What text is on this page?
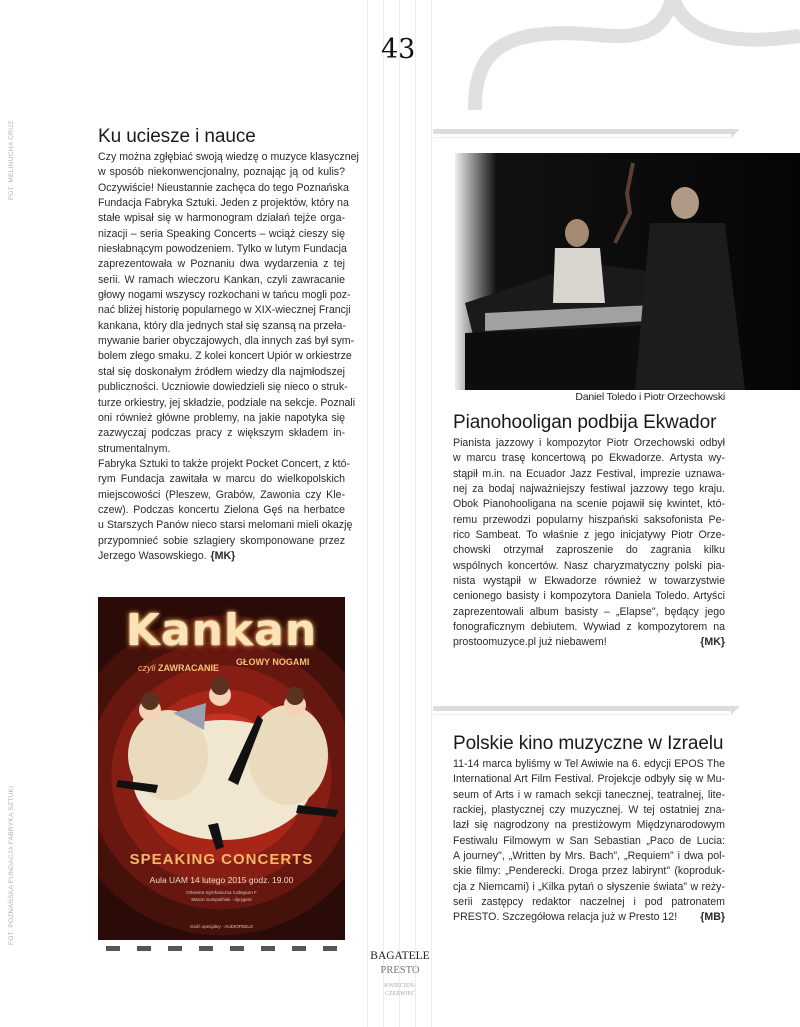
43
FOT. MELINUCHA CRUZ
FOT. POZNAŃSKA FUNDACJA FABRYKA SZTUKI
Ku uciesze i nauce
Czy można zgłębiać swoją wiedzę o muzyce klasycznej
w sposób niekonwencjonalny, poznając ją od kulis?
Oczywiście! Nieustannie zachęca do tego Poznańska
Fundacja Fabryka Sztuki. Jeden z projektów, który na
stałe wpisał się w harmonogram działań tejże orga-
nizacji – seria Speaking Concerts – wciąż cieszy się
niesłabnącym powodzeniem. Tylko w lutym Fundacja
zaprezentowała w Poznaniu dwa wydarzenia z tej
serii. W ramach wieczoru Kankan, czyli zawracanie
głowy nogami wszyscy rozkochani w tańcu mogli poz-
nać bliżej historię popularnego w XIX-wiecznej Francji
kankana, który dla jednych stał się szansą na przeła-
mywanie barier obyczajowych, dla innych zaś był sym-
bolem złego smaku. Z kolei koncert Upiór w orkiestrze
stał się doskonałym źródłem wiedzy dla najmłodszej
publiczności. Uczniowie dowiedzieli się nieco o struk-
turze orkiestry, jej składzie, podziale na sekcje. Poznali
oni również główne problemy, na jakie napotyka się
zazwyczaj podczas pracy z większym składem in-
strumentalnym.
Fabryka Sztuki to także projekt Pocket Concert, z któ-
rym Fundacja zawitała w marcu do wielkopolskich
miejscowości (Pleszew, Grabów, Zawonia czy Kle-
czew). Podczas koncertu Zielona Gęś na herbatce
u Starszych Panów nieco starsi melomani mieli okazję
przypomnieć sobie szlagiery skomponowane przez
Jerzego Wasowskiego. {MK}
Kankan
czyli ZAWRACANIE
GŁOWY NOGAMI
SPEAKING CONCERTS
Aula UAM 14 lutego 2015 godz. 19.00
Orkiestra Symfoniczna Collegium F
Marcin Sompoliński - dyrygent
Gość specjalny - AUDIOFEELS
Daniel Toledo i Piotr Orzechowski
Pianohooligan podbija Ekwador
Pianista jazzowy i kompozytor Piotr Orzechowski odbył
w marcu trasę koncertową po Ekwadorze. Artysta wy-
stąpił m.in. na Ecuador Jazz Festival, imprezie uznawa-
nej za bodaj najważniejszy festiwal jazzowy tego kraju.
Obok Pianohooligana na scenie pojawił się kwintet, któ-
remu przewodzi popularny hiszpański saksofonista Pe-
rico Sambeat. To właśnie z jego inicjatywy Piotr Orze-
chowski otrzymał zaproszenie do zagrania kilku
wspólnych koncertów. Nasz charyzmatyczny polski pia-
nista wystąpił w Ekwadorze również w towarzystwie
cenionego basisty i kompozytora Daniela Toledo. Artyści
zaprezentowali album basisty – „Elapse", będący jego
fonograficznym debiutem. Wywiad z kompozytorem na
prostoomuzyce.pl już niebawem!	{MK}
Polskie kino muzyczne w Izraelu
11-14 marca byliśmy w Tel Awiwie na 6. edycji EPOS The
International Art Film Festival. Projekcje odbyły się w Mu-
seum of Arts i w ramach sekcji tanecznej, teatralnej, lite-
rackiej, plastycznej czy muzycznej. W tej ostatniej zna-
lazł się nagrodzony na prestiżowym Międzynarodowym
Festiwalu Filmowym w San Sebastian „Paco de Lucia:
A journey", „Written by Mrs. Bach", „Requiem" i dwa pol-
skie filmy: „Penderecki. Droga przez labirynt" (koproduk-
cja z Niemcami) i „Kilka pytań o słyszenie świata" w reży-
serii zastępcy redaktor naczelnej i pod patronatem
PRESTO. Szczegółowa relacja już w Presto 12! {MB}
BAGATELE
PRESTO
KWIECIEŃ-
CZERWIEC
